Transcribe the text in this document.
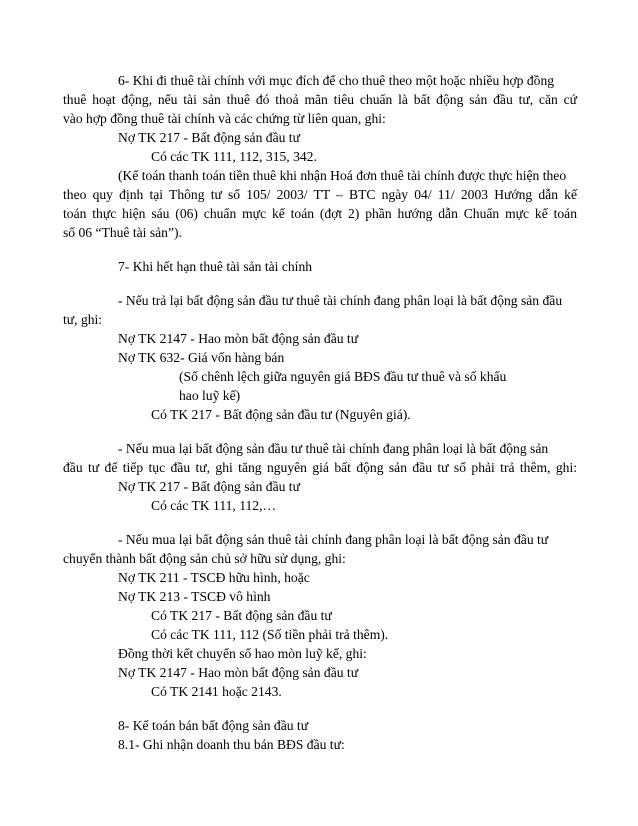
6- Khi đi thuê tài chính với mục đích để cho thuê theo một hoặc nhiều hợp đồng
thuê hoạt động, nếu tài sản thuê đó thoả mãn tiêu chuẩn là bất động sản đầu tư, căn cứ
vào hợp đồng thuê tài chính và các chứng từ liên quan, ghi:
Nợ TK 217 - Bất động sản đầu tư
Có các TK 111, 112, 315, 342.
(Kế toán thanh toán tiền thuê khi nhận Hoá đơn thuê tài chính được thực hiện theo
theo quy định tại Thông tư số 105/ 2003/ TT – BTC ngày 04/ 11/ 2003 Hướng dẫn kế
toán thực hiện sáu (06) chuẩn mực kế toán (đợt 2) phần hướng dẫn Chuẩn mực kế toán
số 06 “Thuê tài sản”).
7- Khi hết hạn thuê tài sản tài chính
- Nếu trả lại bất động sản đầu tư thuê tài chính đang phân loại là bất động sản đầu
tư, ghi:
Nợ TK 2147 - Hao mòn bất động sản đầu tư
Nợ TK 632- Giá vốn hàng bán
(Số chênh lệch giữa nguyên giá BĐS đầu tư thuê và số khấu
hao luỹ kế)
Có TK 217 - Bất động sản đầu tư (Nguyên giá).
- Nếu mua lại bất động sản đầu tư thuê tài chính đang phân loại là bất động sản
đầu tư để tiếp tục đầu tư, ghi tăng nguyên giá bất động sản đầu tư số phải trả thêm, ghi:
Nợ TK 217 - Bất động sản đầu tư
Có các TK 111, 112,…
- Nếu mua lại bất động sản thuê tài chính đang phân loại là bất động sản đầu tư
chuyển thành bất động sản chủ sở hữu sử dụng, ghi:
Nợ TK 211 - TSCĐ hữu hình, hoặc
Nợ TK 213 - TSCĐ vô hình
Có TK 217 - Bất động sản đầu tư
Có các TK 111, 112 (Số tiền phải trả thêm).
Đồng thời kết chuyển số hao mòn luỹ kế, ghi:
Nợ TK 2147 - Hao mòn bất động sản đầu tư
Có TK 2141 hoặc 2143.
8- Kế toán bán bất động sản đầu tư
8.1- Ghi nhận doanh thu bán BĐS đầu tư:
